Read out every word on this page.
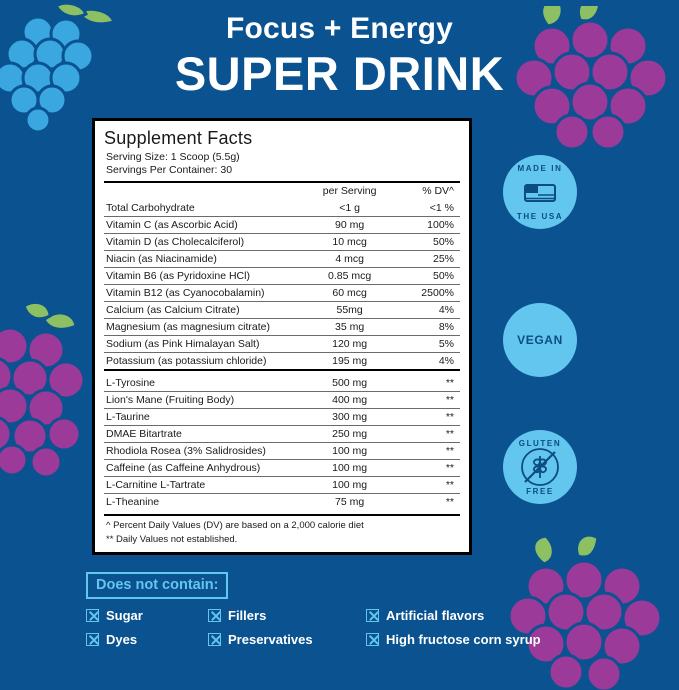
Focus + Energy
SUPER DRINK
Supplement Facts
Serving Size: 1 Scoop (5.5g)
Servings Per Container: 30
	per Serving	% DV^
Total Carbohydrate	<1 g	<1 %
Vitamin C (as Ascorbic Acid)	90 mg	100%
Vitamin D (as Cholecalciferol)	10 mcg	50%
Niacin (as Niacinamide)	4 mcg	25%
Vitamin B6 (as Pyridoxine HCl)	0.85 mcg	50%
Vitamin B12 (as Cyanocobalamin)	60 mcg	2500%
Calcium (as Calcium Citrate)	55mg	4%
Magnesium (as magnesium citrate)	35 mg	8%
Sodium (as Pink Himalayan Salt)	120 mg	5%
Potassium (as potassium chloride)	195 mg	4%

L-Tyrosine	500 mg	**
Lion's Mane (Fruiting Body)	400 mg	**
L-Taurine	300 mg	**
DMAE Bitartrate	250 mg	**
Rhodiola Rosea (3% Salidrosides)	100 mg	**
Caffeine (as Caffeine Anhydrous)	100 mg	**
L-Carnitine L-Tartrate	100 mg	**
L-Theanine	75 mg	**
^ Percent Daily Values (DV) are based on a 2,000 calorie diet
** Daily Values not established.
MADE IN
THE USA
VEGAN
GLUTEN
FREE
Does not contain:
Sugar	Fillers	Artificial flavors
Dyes	Preservatives	High fructose corn syrup
